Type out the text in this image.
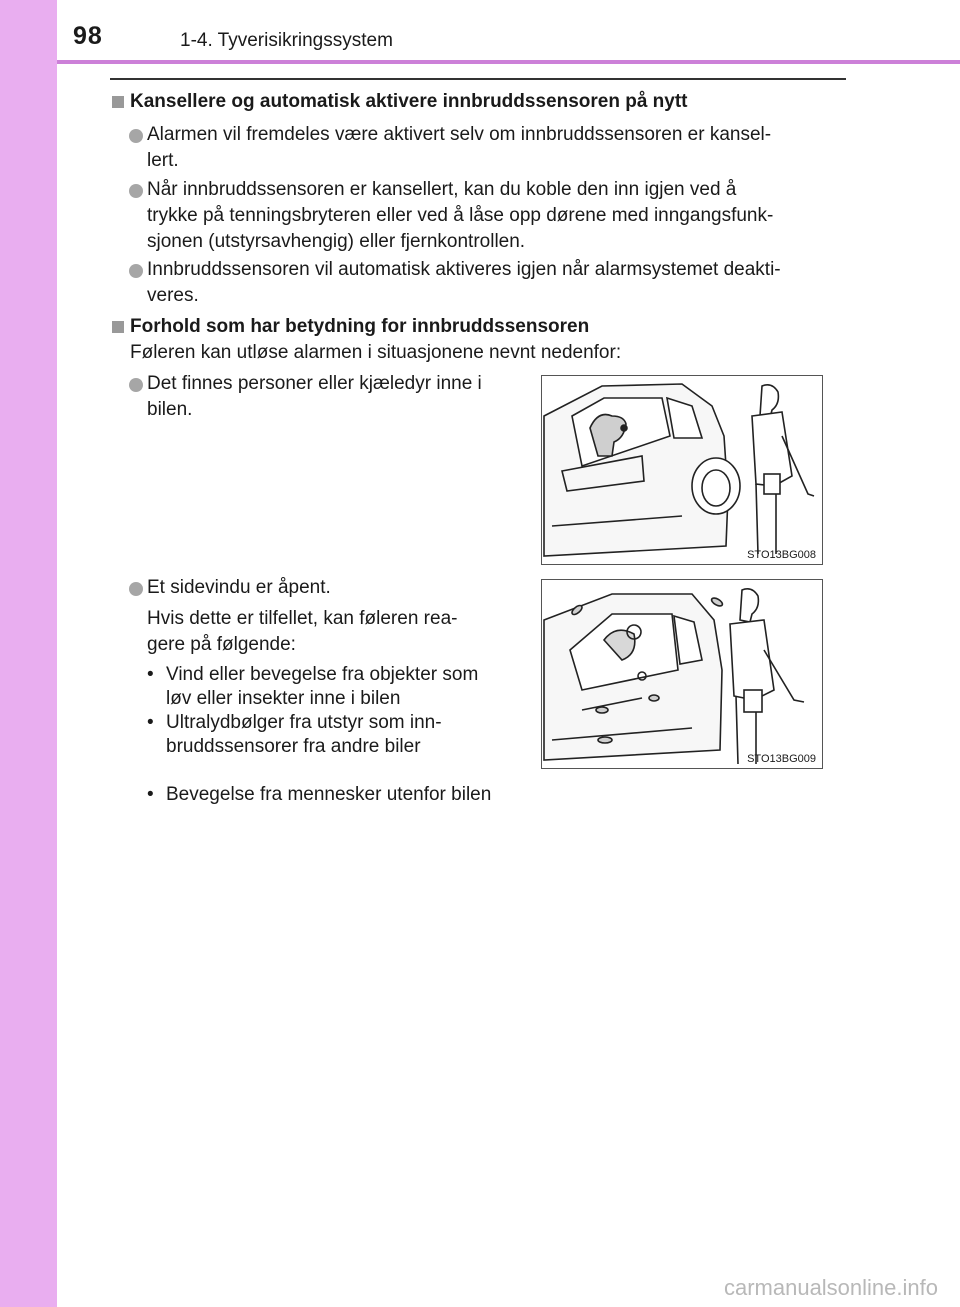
98	1-4. Tyverisikringssystem
Kansellere og automatisk aktivere innbruddssensoren på nytt
Alarmen vil fremdeles være aktivert selv om innbruddssensoren er kansel-
lert.
Når innbruddssensoren er kansellert, kan du koble den inn igjen ved å
trykke på tenningsbryteren eller ved å låse opp dørene med inngangsfunk-
sjonen (utstyrsavhengig) eller fjernkontrollen.
Innbruddssensoren vil automatisk aktiveres igjen når alarmsystemet deakti-
veres.
Forhold som har betydning for innbruddssensoren
Føleren kan utløse alarmen i situasjonene nevnt nedenfor:
Det finnes personer eller kjæledyr inne i
bilen.
Et sidevindu er åpent.
Hvis dette er tilfellet, kan føleren rea-
gere på følgende:
• Vind eller bevegelse fra objekter som
løv eller insekter inne i bilen
• Ultralydbølger fra utstyr som inn-
bruddssensorer fra andre biler
• Bevegelse fra mennesker utenfor bilen
STO13BG008
STO13BG009
carmanualsonline.info
